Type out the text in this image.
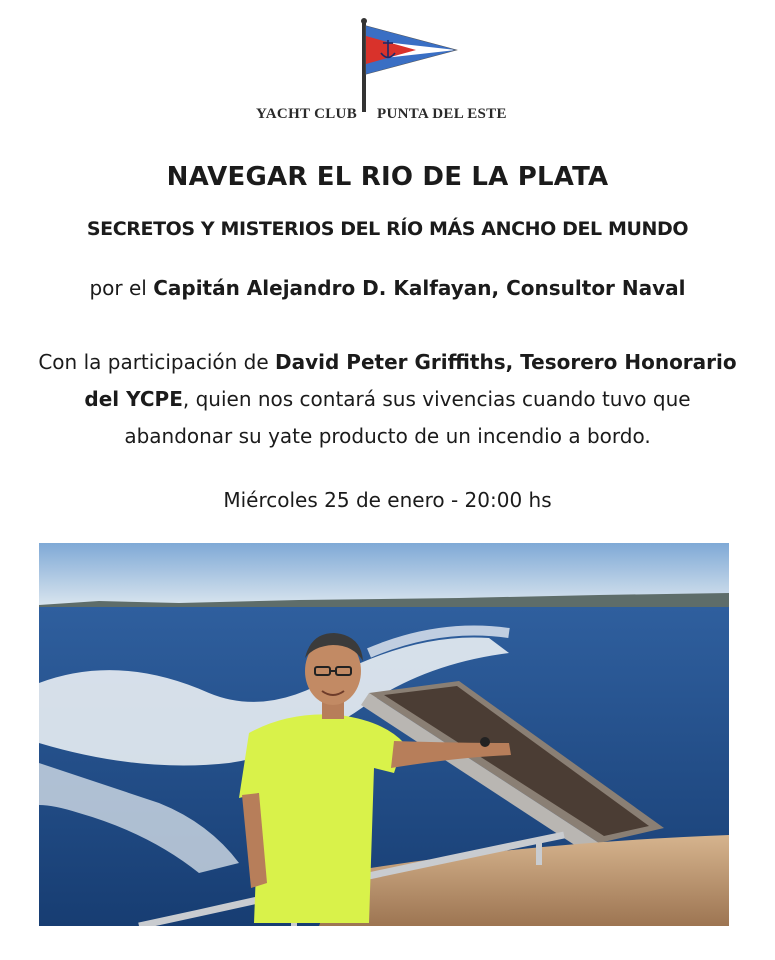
YACHT CLUB PUNTA DEL ESTE
NAVEGAR EL RIO DE LA PLATA
SECRETOS Y MISTERIOS DEL RÍO MÁS ANCHO DEL MUNDO
por el Capitán Alejandro D. Kalfayan, Consultor Naval
Con la participación de David Peter Griffiths, Tesorero Honorario del YCPE, quien nos contará sus vivencias cuando tuvo que abandonar su yate producto de un incendio a bordo.
Miércoles 25 de enero - 20:00 hs
